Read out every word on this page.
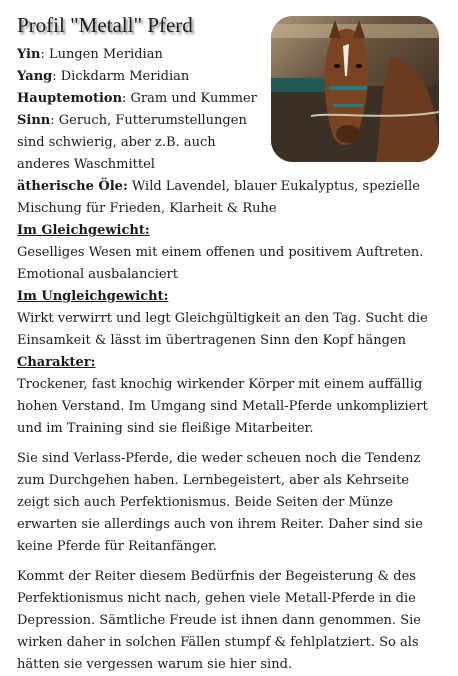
Profil "Metall" Pferd

Yin: Lungen Meridian

Yang: Dickdarm Meridian

Hauptemotion: Gram und Kummer

Sinn: Geruch, Futterumstellungen sind schwierig, aber z.B. auch anderes Waschmittel

ätherische Öle: Wild Lavendel, blauer Eukalyptus, spezielle Mischung für Frieden, Klarheit & Ruhe

Im Gleichgewicht:

Geselliges Wesen mit einem offenen und positivem Auftreten. Emotional ausbalanciert

Im Ungleichgewicht:

Wirkt verwirrt und legt Gleichgültigkeit an den Tag. Sucht die Einsamkeit & lässt im übertragenen Sinn den Kopf hängen

Charakter:

Trockener, fast knochig wirkender Körper mit einem auffällig hohen Verstand. Im Umgang sind Metall-Pferde unkompliziert und im Training sind sie fleißige Mitarbeiter.

Sie sind Verlass-Pferde, die weder scheuen noch die Tendenz zum Durchgehen haben. Lernbegeistert, aber als Kehrseite zeigt sich auch Perfektionismus. Beide Seiten der Münze erwarten sie allerdings auch von ihrem Reiter. Daher sind sie keine Pferde für Reitanfänger.

Kommt der Reiter diesem Bedürfnis der Begeisterung & des Perfektionismus nicht nach, gehen viele Metall-Pferde in die Depression. Sämtliche Freude ist ihnen dann genommen. Sie wirken daher in solchen Fällen stumpf & fehlplatziert. So als hätten sie vergessen warum sie hier sind.
